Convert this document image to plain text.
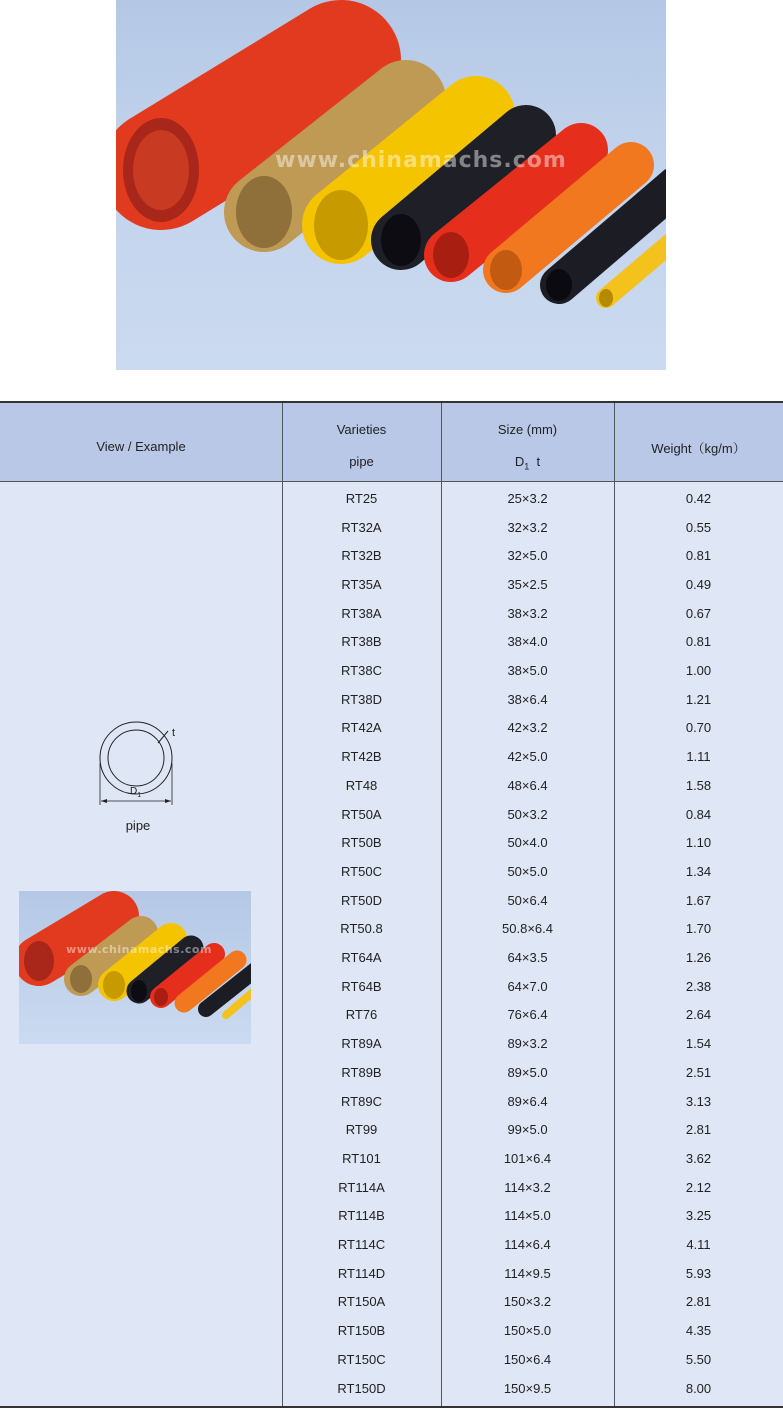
www.chinamachs.com
View / Example
Varieties
pipe
Size (mm)
$D_1$ t
Weight（kg/m）
t
$D_1$
pipe
RT25	25×3.2	0.42
RT32A	32×3.2	0.55
RT32B	32×5.0	0.81
RT35A	35×2.5	0.49
RT38A	38×3.2	0.67
RT38B	38×4.0	0.81
RT38C	38×5.0	1.00
RT38D	38×6.4	1.21
RT42A	42×3.2	0.70
RT42B	42×5.0	1.11
RT48	48×6.4	1.58
RT50A	50×3.2	0.84
RT50B	50×4.0	1.10
RT50C	50×5.0	1.34
RT50D	50×6.4	1.67
RT50.8	50.8×6.4	1.70
RT64A	64×3.5	1.26
RT64B	64×7.0	2.38
RT76	76×6.4	2.64
RT89A	89×3.2	1.54
RT89B	89×5.0	2.51
RT89C	89×6.4	3.13
RT99	99×5.0	2.81
RT101	101×6.4	3.62
RT114A	114×3.2	2.12
RT114B	114×5.0	3.25
RT114C	114×6.4	4.11
RT114D	114×9.5	5.93
RT150A	150×3.2	2.81
RT150B	150×5.0	4.35
RT150C	150×6.4	5.50
RT150D	150×9.5	8.00
www.chinamachs.com
